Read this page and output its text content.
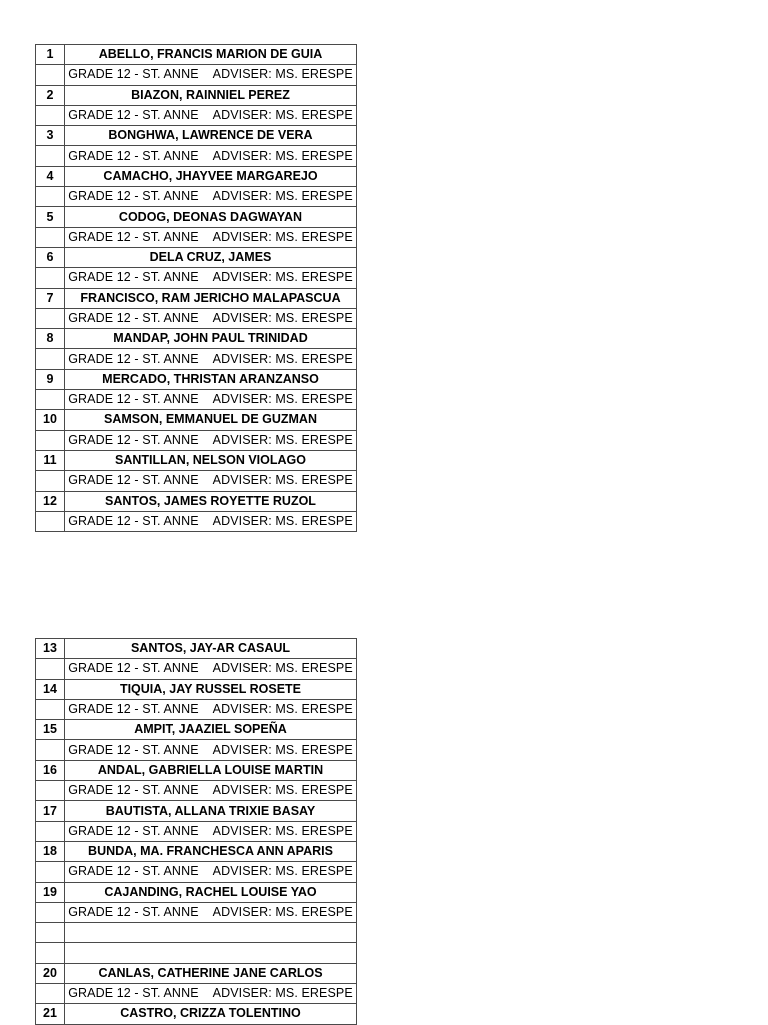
1	ABELLO, FRANCIS MARION DE GUIA
	GRADE 12 - ST. ANNE ADVISER: MS. ERESPE
2	BIAZON, RAINNIEL PEREZ
	GRADE 12 - ST. ANNE ADVISER: MS. ERESPE
3	BONGHWA, LAWRENCE DE VERA
	GRADE 12 - ST. ANNE ADVISER: MS. ERESPE
4	CAMACHO, JHAYVEE MARGAREJO
	GRADE 12 - ST. ANNE ADVISER: MS. ERESPE
5	CODOG, DEONAS DAGWAYAN
	GRADE 12 - ST. ANNE ADVISER: MS. ERESPE
6	DELA CRUZ, JAMES
	GRADE 12 - ST. ANNE ADVISER: MS. ERESPE
7	FRANCISCO, RAM JERICHO MALAPASCUA
	GRADE 12 - ST. ANNE ADVISER: MS. ERESPE
8	MANDAP, JOHN PAUL TRINIDAD
	GRADE 12 - ST. ANNE ADVISER: MS. ERESPE
9	MERCADO, THRISTAN ARANZANSO
	GRADE 12 - ST. ANNE ADVISER: MS. ERESPE
10	SAMSON, EMMANUEL DE GUZMAN
	GRADE 12 - ST. ANNE ADVISER: MS. ERESPE
11	SANTILLAN, NELSON VIOLAGO
	GRADE 12 - ST. ANNE ADVISER: MS. ERESPE
12	SANTOS, JAMES ROYETTE RUZOL
	GRADE 12 - ST. ANNE ADVISER: MS. ERESPE
13	SANTOS, JAY-AR CASAUL
	GRADE 12 - ST. ANNE ADVISER: MS. ERESPE
14	TIQUIA, JAY RUSSEL ROSETE
	GRADE 12 - ST. ANNE ADVISER: MS. ERESPE
15	AMPIT, JAAZIEL SOPEÑA
	GRADE 12 - ST. ANNE ADVISER: MS. ERESPE
16	ANDAL, GABRIELLA LOUISE MARTIN
	GRADE 12 - ST. ANNE ADVISER: MS. ERESPE
17	BAUTISTA, ALLANA TRIXIE BASAY
	GRADE 12 - ST. ANNE ADVISER: MS. ERESPE
18	BUNDA, MA. FRANCHESCA ANN APARIS
	GRADE 12 - ST. ANNE ADVISER: MS. ERESPE
19	CAJANDING, RACHEL LOUISE YAO
	GRADE 12 - ST. ANNE ADVISER: MS. ERESPE

20	CANLAS, CATHERINE JANE CARLOS
	GRADE 12 - ST. ANNE ADVISER: MS. ERESPE
21	CASTRO, CRIZZA TOLENTINO
